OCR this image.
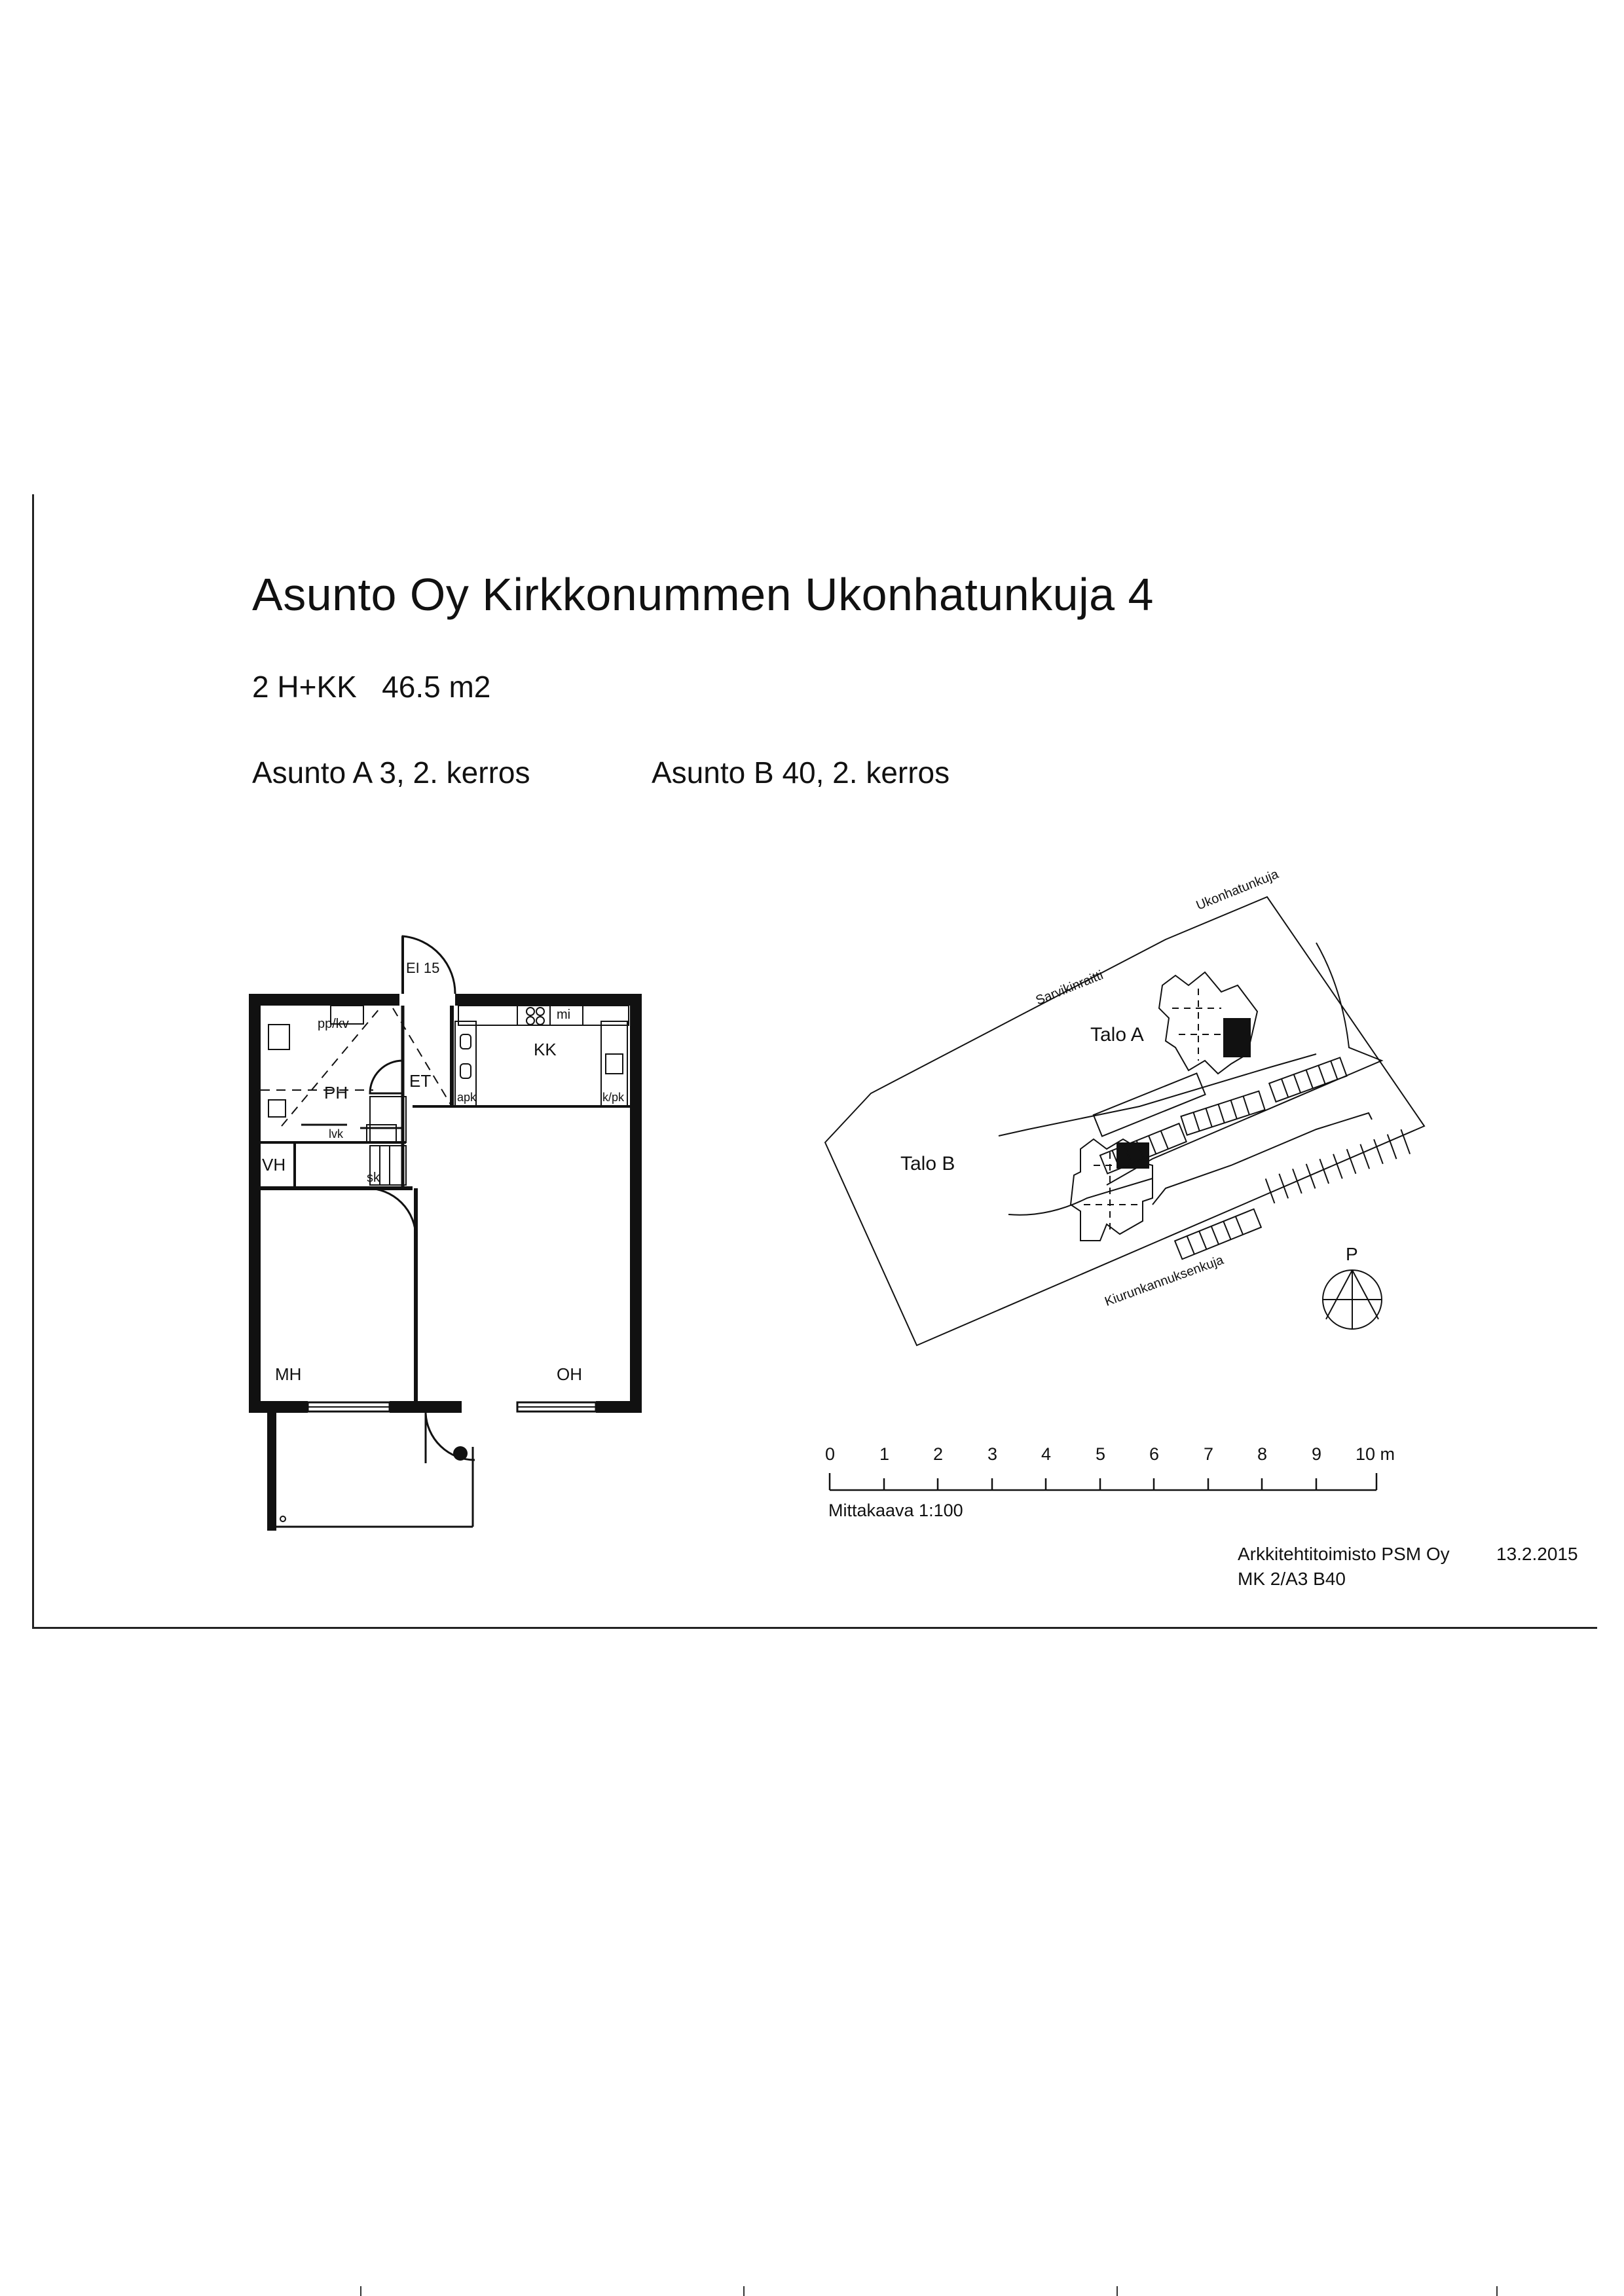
Asunto Oy Kirkkonummen Ukonhatunkuja 4
2 H+KK   46.5 m2
Asunto A 3, 2. kerros	Asunto B 40, 2. kerros
EI 15
PH
ET
KK
VH
MH	OH
pp/kv
mi
apk	k/pk
lvk
sk
Sarvikinraitti
Ukonhatunkuja
Kiurunkannuksenkuja
Talo A
Talo B
P
0	1 2	3 4	5 6	7 8	9 10 m
Mittakaava 1:100
Arkkitehtitoimisto PSM Oy
MK 2/A3 B40
13.2.2015
